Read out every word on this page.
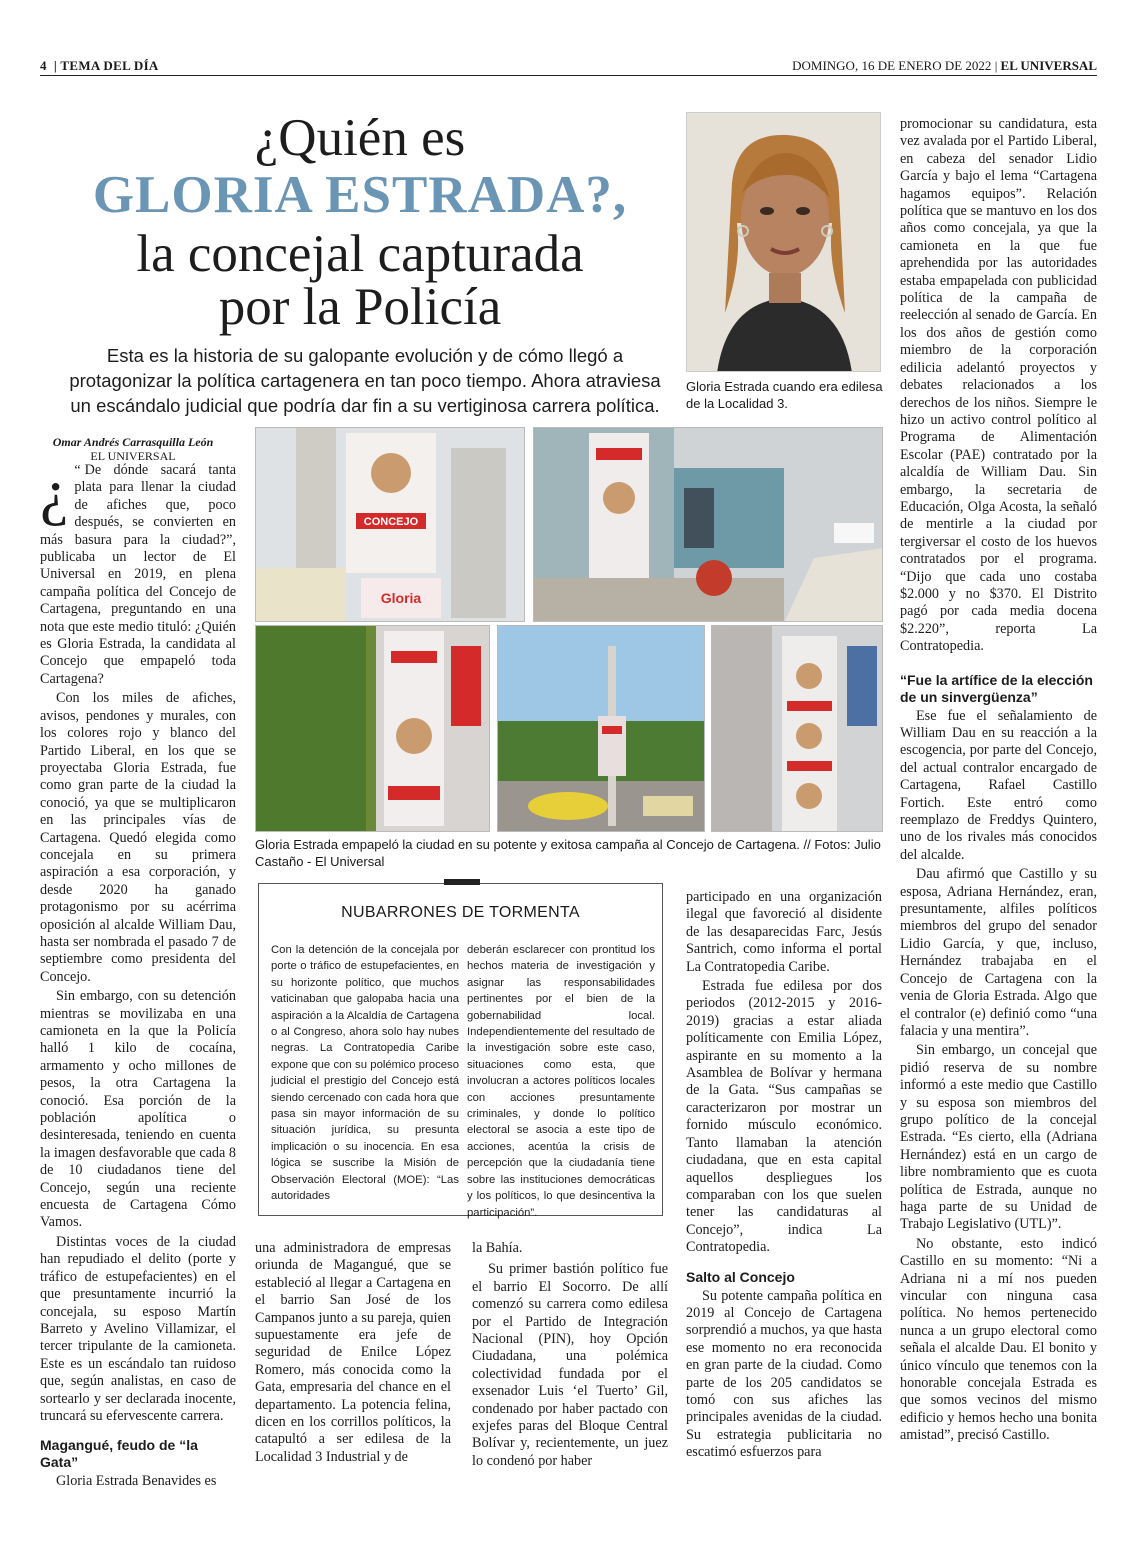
4  | TEMA DEL DÍA	DOMINGO, 16 DE ENERO DE 2022 | EL UNIVERSAL
¿Quién es
GLORIA ESTRADA?,
la concejal capturada
por la Policía
Esta es la historia de su galopante evolución y de cómo llegó a protagonizar la política cartagenera en tan poco tiempo. Ahora atraviesa un escándalo judicial que podría dar fin a su vertiginosa carrera política.
Gloria Estrada cuando era edilesa de la Localidad 3.
Omar Andrés Carrasquilla León
EL UNIVERSAL

“
¿ De dónde sacará tanta plata para llenar la ciudad de afiches que, poco después, se convierten en más basura para la ciudad?”, publicaba un lector de El Universal en 2019, en plena campaña política del Concejo de Cartagena, preguntando en una nota que este medio tituló: ¿Quién es Gloria Estrada, la candidata al Concejo que empapeló toda Cartagena?

Con los miles de afiches, avisos, pendones y murales, con los colores rojo y blanco del Partido Liberal, en los que se proyectaba Gloria Estrada, fue como gran parte de la ciudad la conoció, ya que se multiplicaron en las principales vías de Cartagena. Quedó elegida como concejala en su primera aspiración a esa corporación, y desde 2020 ha ganado protagonismo por su acérrima oposición al alcalde William Dau, hasta ser nombrada el pasado 7 de septiembre como presidenta del Concejo.

Sin embargo, con su detención mientras se movilizaba en una camioneta en la que la Policía halló 1 kilo de cocaína, armamento y ocho millones de pesos, la otra Cartagena la conoció. Esa porción de la población apolítica o desinteresada, teniendo en cuenta la imagen desfavorable que cada 8 de 10 ciudadanos tiene del Concejo, según una reciente encuesta de Cartagena Cómo Vamos.

Distintas voces de la ciudad han repudiado el delito (porte y tráfico de estupefacientes) en el que presuntamente incurrió la concejala, su esposo Martín Barreto y Avelino Villamizar, el tercer tripulante de la camioneta. Este es un escándalo tan ruidoso que, según analistas, en caso de sortearlo y ser declarada inocente, truncará su efervescente carrera.

Magangué, feudo de “la Gata”

Gloria Estrada Benavides es

CONCEJO
Gloria
Gloria Estrada empapeló la ciudad en su potente y exitosa campaña al Concejo de Cartagena. // Fotos: Julio Castaño - El Universal
NUBARRONES DE TORMENTA
Con la detención de la concejala por porte o tráfico de estupefacientes, en su horizonte político, que muchos vaticinaban que galopaba hacia una aspiración a la Alcaldía de Cartagena o al Congreso, ahora solo hay nubes negras. La Contratopedia Caribe expone que con su polémico proceso judicial el prestigio del Concejo está siendo cercenado con cada hora que pasa sin mayor información de su situación jurídica, su presunta implicación o su inocencia. En esa lógica se suscribe la Misión de Observación Electoral (MOE): “Las autoridades
deberán esclarecer con prontitud los hechos materia de investigación y asignar las responsabilidades pertinentes por el bien de la gobernabilidad local. Independientemente del resultado de la investigación sobre este caso, situaciones como esta, que involucran a actores políticos locales con acciones presuntamente criminales, y donde lo político electoral se asocia a este tipo de acciones, acentúa la crisis de percepción que la ciudadanía tiene sobre las instituciones democráticas y los políticos, lo que desincentiva la participación”.

una administradora de empresas oriunda de Magangué, que se estableció al llegar a Cartagena en el barrio San José de los Campanos junto a su pareja, quien supuestamente era jefe de seguridad de Enilce López Romero, más conocida como la Gata, empresaria del chance en el departamento. La potencia felina, dicen en los corrillos políticos, la catapultó a ser edilesa de la Localidad 3 Industrial y de

la Bahía.

Su primer bastión político fue el barrio El Socorro. De allí comenzó su carrera como edilesa por el Partido de Integración Nacional (PIN), hoy Opción Ciudadana, una polémica colectividad fundada por el exsenador Luis ‘el Tuerto’ Gil, condenado por haber pactado con exjefes paras del Bloque Central Bolívar y, recientemente, un juez lo condenó por haber

participado en una organización ilegal que favoreció al disidente de las desaparecidas Farc, Jesús Santrich, como informa el portal La Contratopedia Caribe.

Estrada fue edilesa por dos periodos (2012-2015 y 2016-2019) gracias a estar aliada políticamente con Emilia López, aspirante en su momento a la Asamblea de Bolívar y hermana de la Gata. “Sus campañas se caracterizaron por mostrar un fornido músculo económico. Tanto llamaban la atención ciudadana, que en esta capital aquellos despliegues los comparaban con los que suelen tener las candidaturas al Concejo”, indica La Contratopedia.

Salto al Concejo

Su potente campaña política en 2019 al Concejo de Cartagena sorprendió a muchos, ya que hasta ese momento no era reconocida en gran parte de la ciudad. Como parte de los 205 candidatos se tomó con sus afiches las principales avenidas de la ciudad. Su estrategia publicitaria no escatimó esfuerzos para

promocionar su candidatura, esta vez avalada por el Partido Liberal, en cabeza del senador Lidio García y bajo el lema “Cartagena hagamos equipos”. Relación política que se mantuvo en los dos años como concejala, ya que la camioneta en la que fue aprehendida por las autoridades estaba empapelada con publicidad política de la campaña de reelección al senado de García. En los dos años de gestión como miembro de la corporación edilicia adelantó proyectos y debates relacionados a los derechos de los niños. Siempre le hizo un activo control político al Programa de Alimentación Escolar (PAE) contratado por la alcaldía de William Dau. Sin embargo, la secretaria de Educación, Olga Acosta, la señaló de mentirle a la ciudad por tergiversar el costo de los huevos contratados por el programa. “Dijo que cada uno costaba $2.000 y no $370. El Distrito pagó por cada media docena $2.220”, reporta La Contratopedia.

“Fue la artífice de la elección de un sinvergüenza”

Ese fue el señalamiento de William Dau en su reacción a la escogencia, por parte del Concejo, del actual contralor encargado de Cartagena, Rafael Castillo Fortich. Este entró como reemplazo de Freddys Quintero, uno de los rivales más conocidos del alcalde.

Dau afirmó que Castillo y su esposa, Adriana Hernández, eran, presuntamente, alfiles políticos miembros del grupo del senador Lidio García, y que, incluso, Hernández trabajaba en el Concejo de Cartagena con la venia de Gloria Estrada. Algo que el contralor (e) definió como “una falacia y una mentira”.

Sin embargo, un concejal que pidió reserva de su nombre informó a este medio que Castillo y su esposa son miembros del grupo político de la concejal Estrada. “Es cierto, ella (Adriana Hernández) está en un cargo de libre nombramiento que es cuota política de Estrada, aunque no haga parte de su Unidad de Trabajo Legislativo (UTL)”.

No obstante, esto indicó Castillo en su momento: “Ni a Adriana ni a mí nos pueden vincular con ninguna casa política. No hemos pertenecido nunca a un grupo electoral como señala el alcalde Dau. El bonito y único vínculo que tenemos con la honorable concejala Estrada es que somos vecinos del mismo edificio y hemos hecho una bonita amistad”, precisó Castillo.
